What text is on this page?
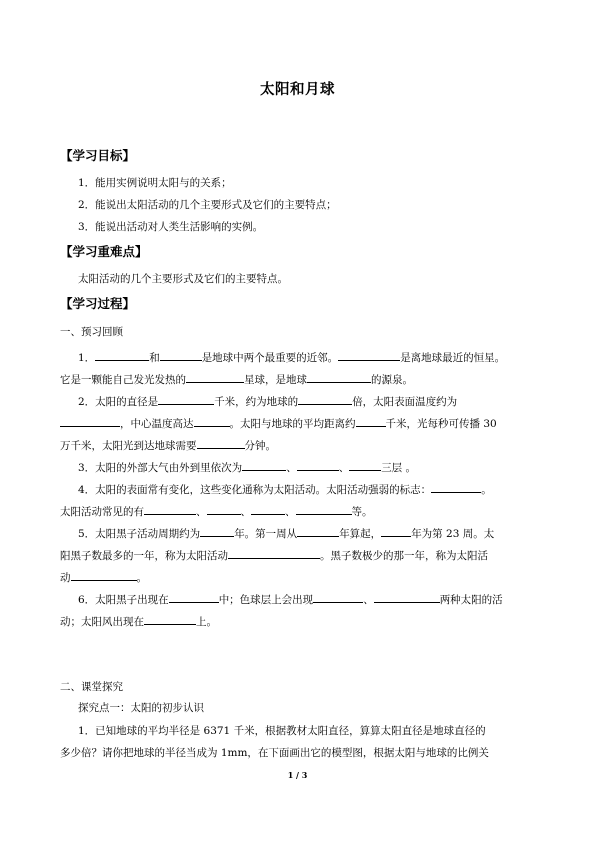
太阳和月球
【学习目标】
1．能用实例说明太阳与的关系；
2．能说出太阳活动的几个主要形式及它们的主要特点；
3．能说出活动对人类生活影响的实例。
【学习重难点】
太阳活动的几个主要形式及它们的主要特点。
【学习过程】
一、预习回顾
1．	和	是地球中两个最重要的近邻。	是离地球最近的恒星。
它是一颗能自己发光发热的	星球，是地球	的源泉。
2．太阳的直径是	千米，约为地球的	倍，太阳表面温度约为
，中心温度高达	。太阳与地球的平均距离约	千米，光每秒可传播 30
万千米，太阳光到达地球需要	分钟。
3．太阳的外部大气由外到里依次为	、	、	三层 。
4．太阳的表面常有变化，这些变化通称为太阳活动。太阳活动强弱的标志：	。
太阳活动常见的有	、	、	、	等。
5．太阳黑子活动周期约为	年。第一周从	年算起，	年为第 23 周。太
阳黑子数最多的一年，称为太阳活动	。黑子数极少的那一年，称为太阳活
动	。
6．太阳黑子出现在	中；色球层上会出现	、	两种太阳的活
动；太阳风出现在	上。
二、课堂探究
探究点一：太阳的初步认识
1．已知地球的平均半径是 6371 千米，根据教材太阳直径，算算太阳直径是地球直径的
多少倍？请你把地球的半径当成为 1mm，在下面画出它的模型图，根据太阳与地球的比例关
1 / 3
